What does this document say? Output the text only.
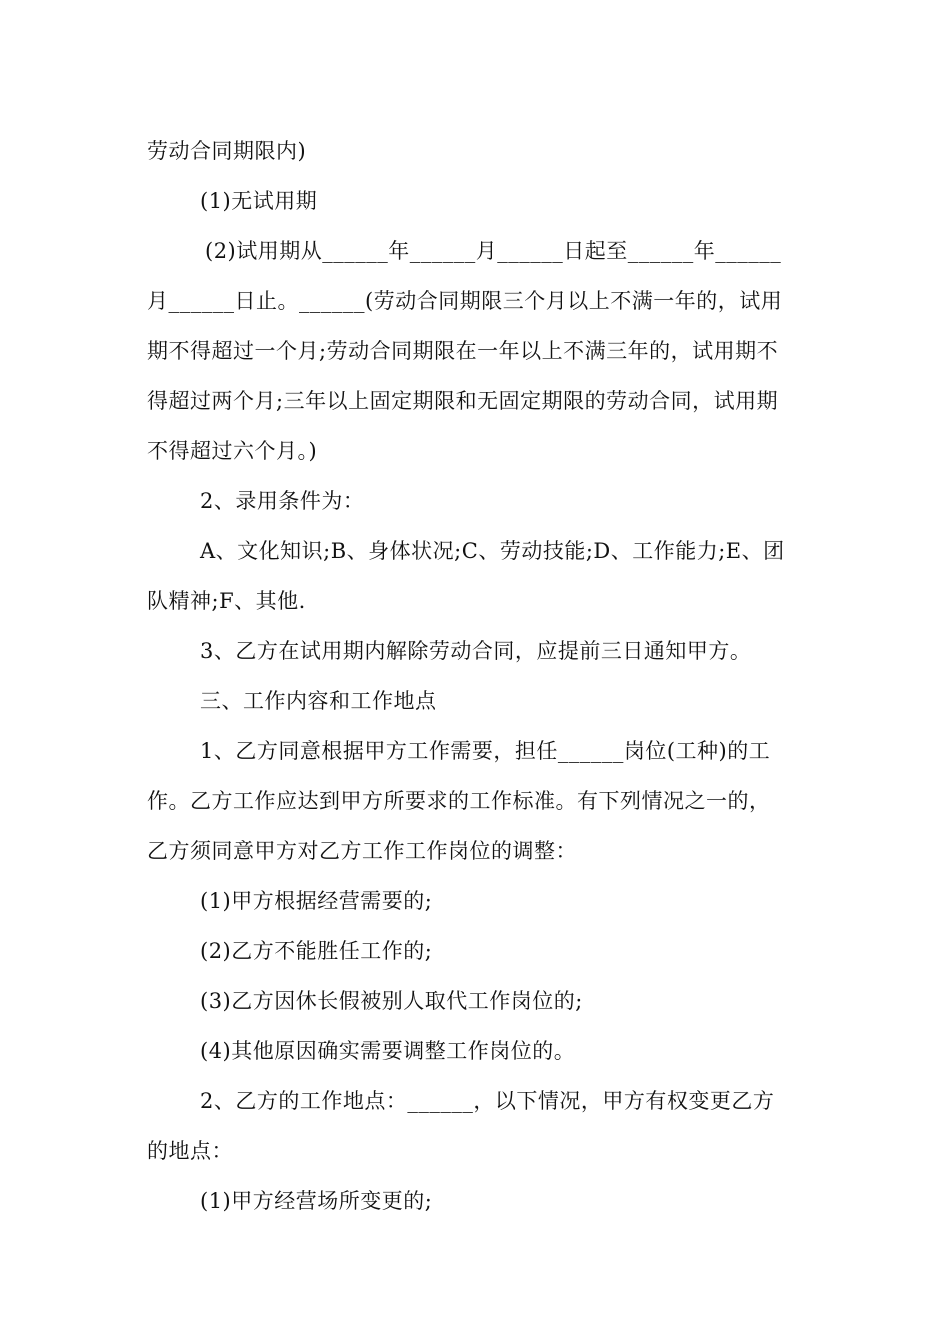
劳动合同期限内)
(1)无试用期
(2)试用期从______年______月______日起至______年______
月______日止。______(劳动合同期限三个月以上不满一年的，试用
期不得超过一个月;劳动合同期限在一年以上不满三年的，试用期不
得超过两个月;三年以上固定期限和无固定期限的劳动合同，试用期
不得超过六个月。)
2、录用条件为：
A、文化知识;B、身体状况;C、劳动技能;D、工作能力;E、团
队精神;F、其他.
3、乙方在试用期内解除劳动合同，应提前三日通知甲方。
三、工作内容和工作地点
1、乙方同意根据甲方工作需要，担任______岗位(工种)的工
作。乙方工作应达到甲方所要求的工作标准。有下列情况之一的，
乙方须同意甲方对乙方工作工作岗位的调整：
(1)甲方根据经营需要的;
(2)乙方不能胜任工作的;
(3)乙方因休长假被别人取代工作岗位的;
(4)其他原因确实需要调整工作岗位的。
2、乙方的工作地点：______，以下情况，甲方有权变更乙方
的地点：
(1)甲方经营场所变更的;
